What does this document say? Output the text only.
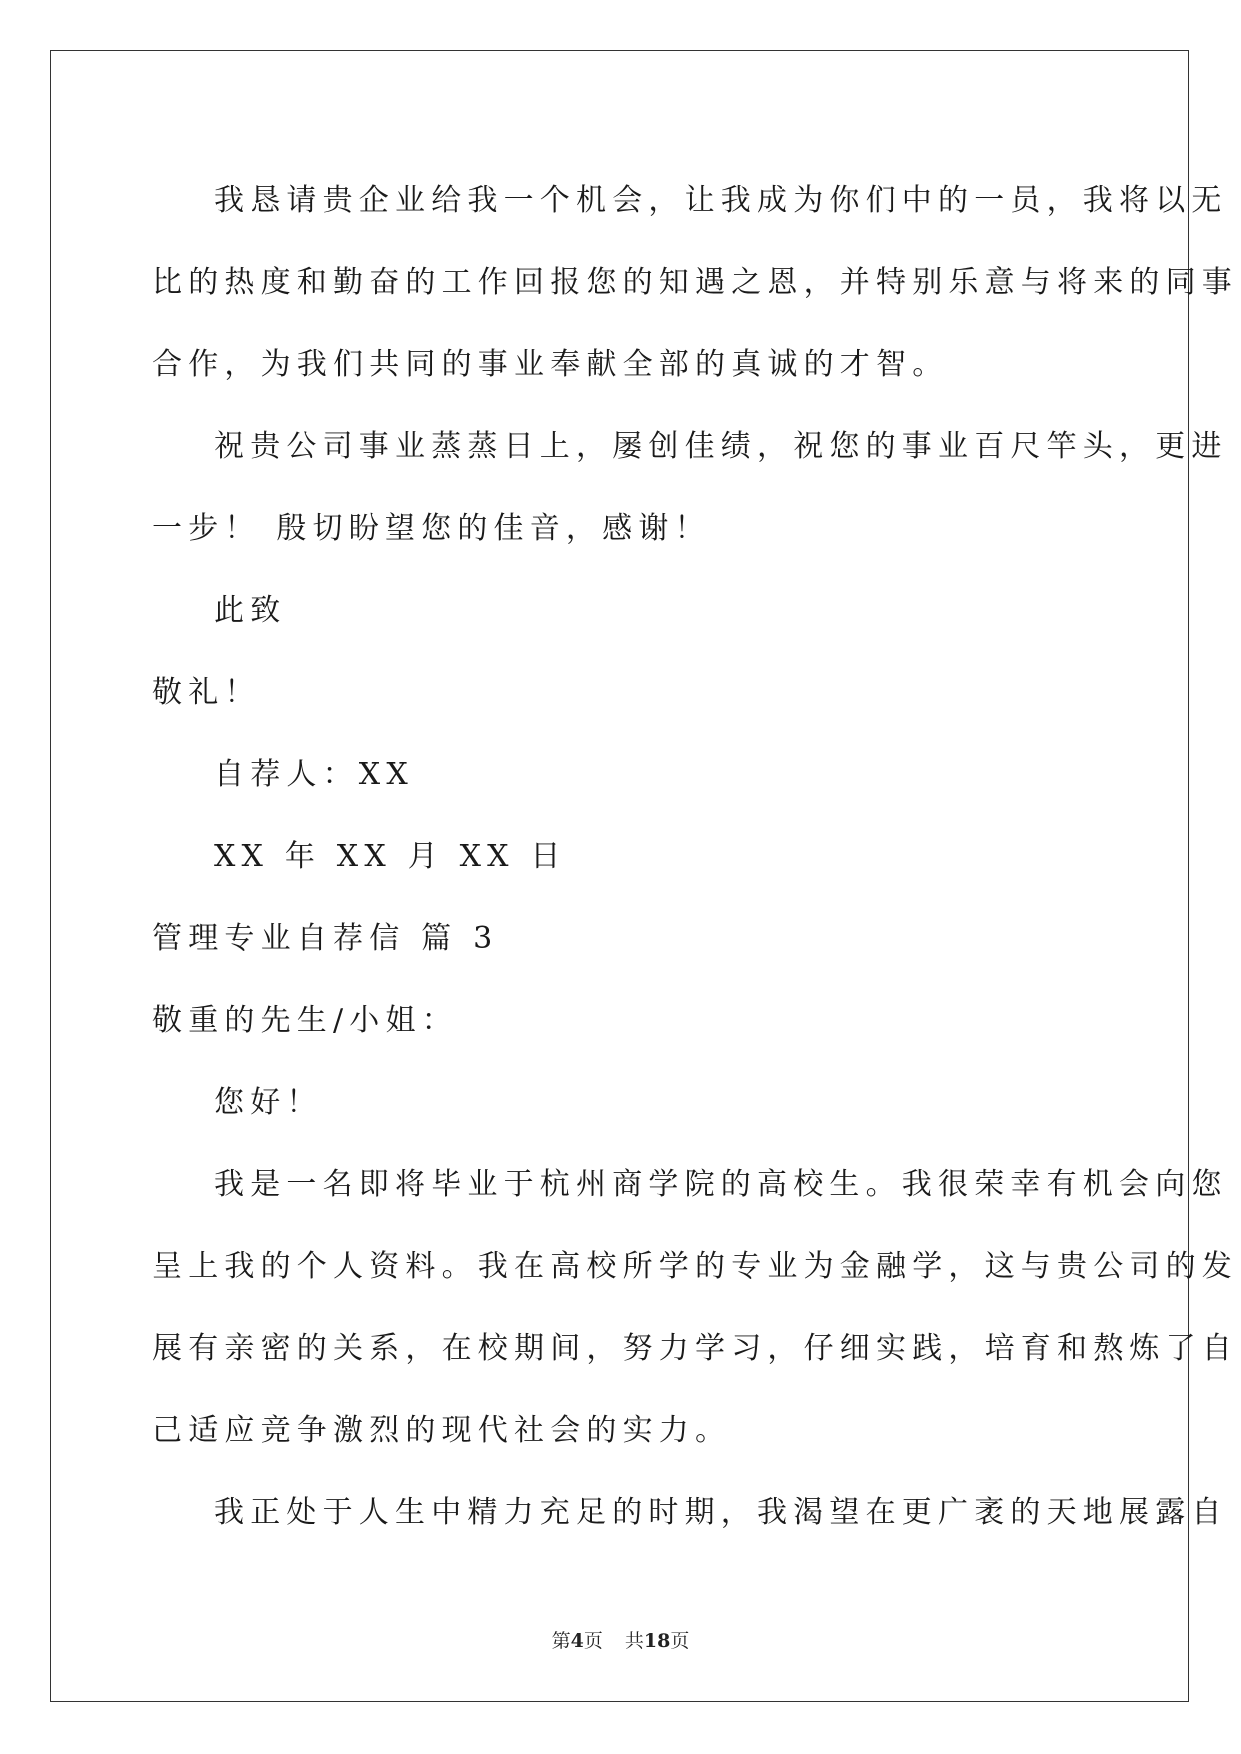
我恳请贵企业给我一个机会，让我成为你们中的一员，我将以无
比的热度和勤奋的工作回报您的知遇之恩，并特别乐意与将来的同事
合作，为我们共同的事业奉献全部的真诚的才智。
祝贵公司事业蒸蒸日上，屡创佳绩，祝您的事业百尺竿头，更进
一步！ 殷切盼望您的佳音，感谢！
此致
敬礼！
自荐人：XX
XX 年 XX 月 XX 日
管理专业自荐信 篇 3
敬重的先生/小姐：
您好！
我是一名即将毕业于杭州商学院的高校生。我很荣幸有机会向您
呈上我的个人资料。我在高校所学的专业为金融学，这与贵公司的发
展有亲密的关系，在校期间，努力学习，仔细实践，培育和熬炼了自
己适应竞争激烈的现代社会的实力。
我正处于人生中精力充足的时期，我渴望在更广袤的天地展露自
第4页 共18页
